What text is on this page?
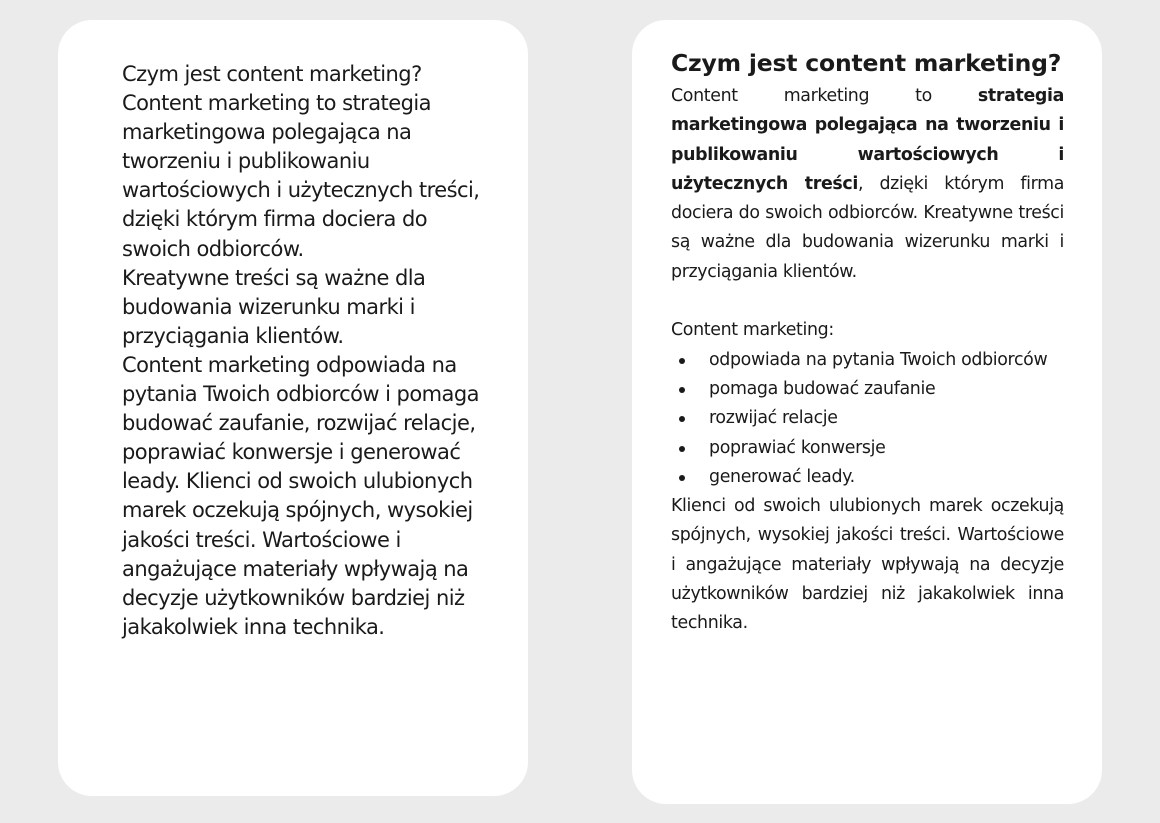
Czym jest content marketing? Content marketing to strategia marketingowa polegająca na tworzeniu i publikowaniu wartościowych i użytecznych treści, dzięki którym firma dociera do swoich odbiorców.

Kreatywne treści są ważne dla budowania wizerunku marki i przyciągania klientów.

Content marketing odpowiada na pytania Twoich odbiorców i pomaga budować zaufanie, rozwijać relacje, poprawiać konwersje i generować leady. Klienci od swoich ulubionych marek oczekują spójnych, wysokiej jakości treści. Wartościowe i angażujące materiały wpływają na decyzje użytkowników bardziej niż jakakolwiek inna technika.

Czym jest content marketing?

Content marketing to strategia marketingowa polegająca na tworzeniu i publikowaniu wartościowych i użytecznych treści, dzięki którym firma dociera do swoich odbiorców. Kreatywne treści są ważne dla budowania wizerunku marki i przyciągania klientów.

Content marketing:

odpowiada na pytania Twoich odbiorców
pomaga budować zaufanie
rozwijać relacje
poprawiać konwersje
generować leady.

Klienci od swoich ulubionych marek oczekują spójnych, wysokiej jakości treści. Wartościowe i angażujące materiały wpływają na decyzje użytkowników bardziej niż jakakolwiek inna technika.
